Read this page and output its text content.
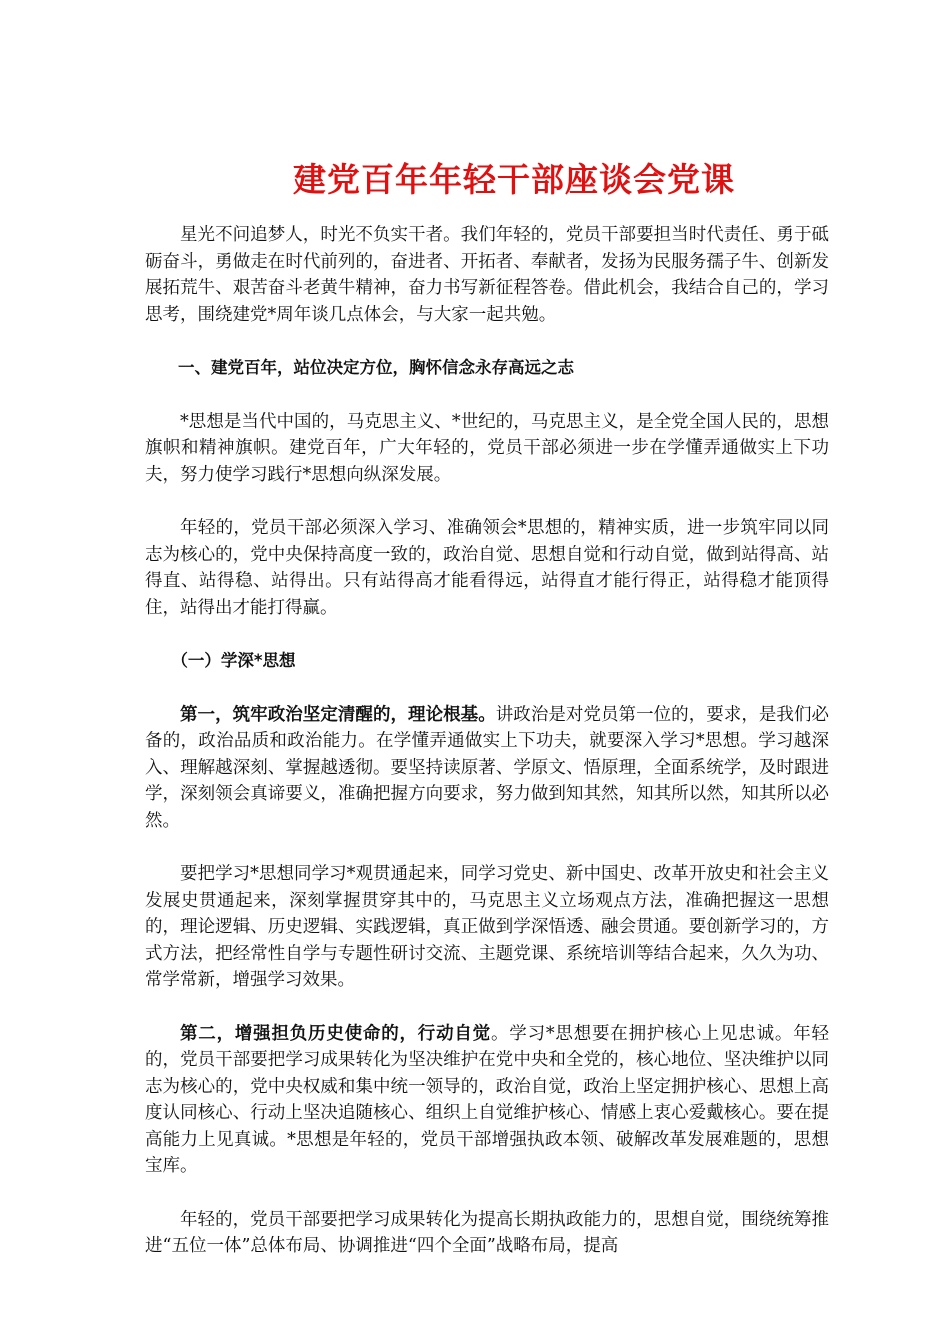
建党百年年轻干部座谈会党课

星光不问追梦人，时光不负实干者。我们年轻的，党员干部要担当时代责任、勇于砥砺奋斗，勇做走在时代前列的，奋进者、开拓者、奉献者，发扬为民服务孺子牛、创新发展拓荒牛、艰苦奋斗老黄牛精神，奋力书写新征程答卷。借此机会，我结合自己的，学习思考，围绕建党*周年谈几点体会，与大家一起共勉。

一、建党百年，站位决定方位，胸怀信念永存高远之志

*思想是当代中国的，马克思主义、*世纪的，马克思主义，是全党全国人民的，思想旗帜和精神旗帜。建党百年，广大年轻的，党员干部必须进一步在学懂弄通做实上下功夫，努力使学习践行*思想向纵深发展。

年轻的，党员干部必须深入学习、准确领会*思想的，精神实质，进一步筑牢同以同志为核心的，党中央保持高度一致的，政治自觉、思想自觉和行动自觉，做到站得高、站得直、站得稳、站得出。只有站得高才能看得远，站得直才能行得正，站得稳才能顶得住，站得出才能打得赢。

（一）学深*思想

第一，筑牢政治坚定清醒的，理论根基。讲政治是对党员第一位的，要求，是我们必备的，政治品质和政治能力。在学懂弄通做实上下功夫，就要深入学习*思想。学习越深入、理解越深刻、掌握越透彻。要坚持读原著、学原文、悟原理，全面系统学，及时跟进学，深刻领会真谛要义，准确把握方向要求，努力做到知其然，知其所以然，知其所以必然。

要把学习*思想同学习*观贯通起来，同学习党史、新中国史、改革开放史和社会主义发展史贯通起来，深刻掌握贯穿其中的，马克思主义立场观点方法，准确把握这一思想的，理论逻辑、历史逻辑、实践逻辑，真正做到学深悟透、融会贯通。要创新学习的，方式方法，把经常性自学与专题性研讨交流、主题党课、系统培训等结合起来，久久为功、常学常新，增强学习效果。

第二，增强担负历史使命的，行动自觉。学习*思想要在拥护核心上见忠诚。年轻的，党员干部要把学习成果转化为坚决维护在党中央和全党的，核心地位、坚决维护以同志为核心的，党中央权威和集中统一领导的，政治自觉，政治上坚定拥护核心、思想上高度认同核心、行动上坚决追随核心、组织上自觉维护核心、情感上衷心爱戴核心。要在提高能力上见真诚。*思想是年轻的，党员干部增强执政本领、破解改革发展难题的，思想宝库。

年轻的，党员干部要把学习成果转化为提高长期执政能力的，思想自觉，围绕统筹推进“五位一体”总体布局、协调推进“四个全面”战略布局，提高
